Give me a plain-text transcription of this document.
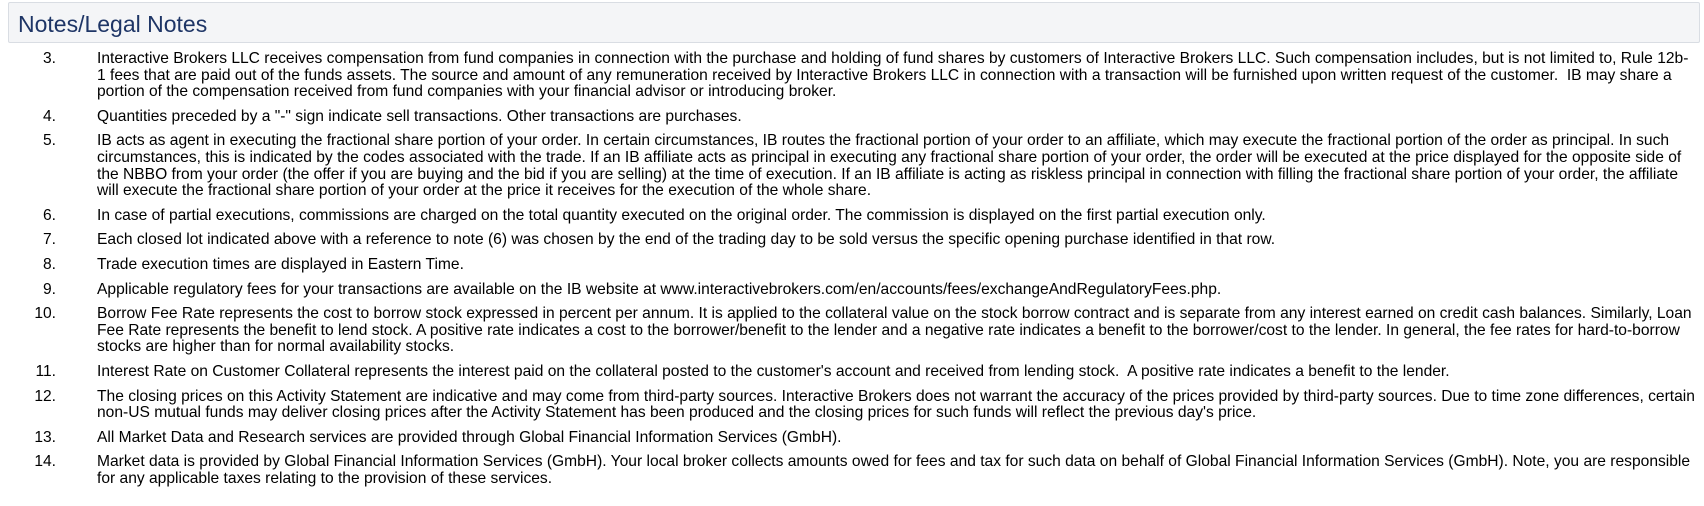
Notes/Legal Notes
3.	Interactive Brokers LLC receives compensation from fund companies in connection with the purchase and holding of fund shares by customers of Interactive Brokers LLC. Such compensation includes, but is not limited to, Rule 12b-1 fees that are paid out of the funds assets. The source and amount of any remuneration received by Interactive Brokers LLC in connection with a transaction will be furnished upon written request of the customer.  IB may share a portion of the compensation received from fund companies with your financial advisor or introducing broker.
4.	Quantities preceded by a "-" sign indicate sell transactions. Other transactions are purchases.
5.	IB acts as agent in executing the fractional share portion of your order. In certain circumstances, IB routes the fractional portion of your order to an affiliate, which may execute the fractional portion of the order as principal. In such circumstances, this is indicated by the codes associated with the trade. If an IB affiliate acts as principal in executing any fractional share portion of your order, the order will be executed at the price displayed for the opposite side of the NBBO from your order (the offer if you are buying and the bid if you are selling) at the time of execution. If an IB affiliate is acting as riskless principal in connection with filling the fractional share portion of your order, the affiliate will execute the fractional share portion of your order at the price it receives for the execution of the whole share.
6.	In case of partial executions, commissions are charged on the total quantity executed on the original order. The commission is displayed on the first partial execution only.
7.	Each closed lot indicated above with a reference to note (6) was chosen by the end of the trading day to be sold versus the specific opening purchase identified in that row.
8.	Trade execution times are displayed in Eastern Time.
9.	Applicable regulatory fees for your transactions are available on the IB website at www.interactivebrokers.com/en/accounts/fees/exchangeAndRegulatoryFees.php.
10.	Borrow Fee Rate represents the cost to borrow stock expressed in percent per annum. It is applied to the collateral value on the stock borrow contract and is separate from any interest earned on credit cash balances. Similarly, Loan Fee Rate represents the benefit to lend stock. A positive rate indicates a cost to the borrower/benefit to the lender and a negative rate indicates a benefit to the borrower/cost to the lender. In general, the fee rates for hard-to-borrow stocks are higher than for normal availability stocks.
11.	Interest Rate on Customer Collateral represents the interest paid on the collateral posted to the customer's account and received from lending stock.  A positive rate indicates a benefit to the lender.
12.	The closing prices on this Activity Statement are indicative and may come from third-party sources. Interactive Brokers does not warrant the accuracy of the prices provided by third-party sources. Due to time zone differences, certain non-US mutual funds may deliver closing prices after the Activity Statement has been produced and the closing prices for such funds will reflect the previous day's price.
13.	All Market Data and Research services are provided through Global Financial Information Services (GmbH).
14.	Market data is provided by Global Financial Information Services (GmbH). Your local broker collects amounts owed for fees and tax for such data on behalf of Global Financial Information Services (GmbH). Note, you are responsible for any applicable taxes relating to the provision of these services.
